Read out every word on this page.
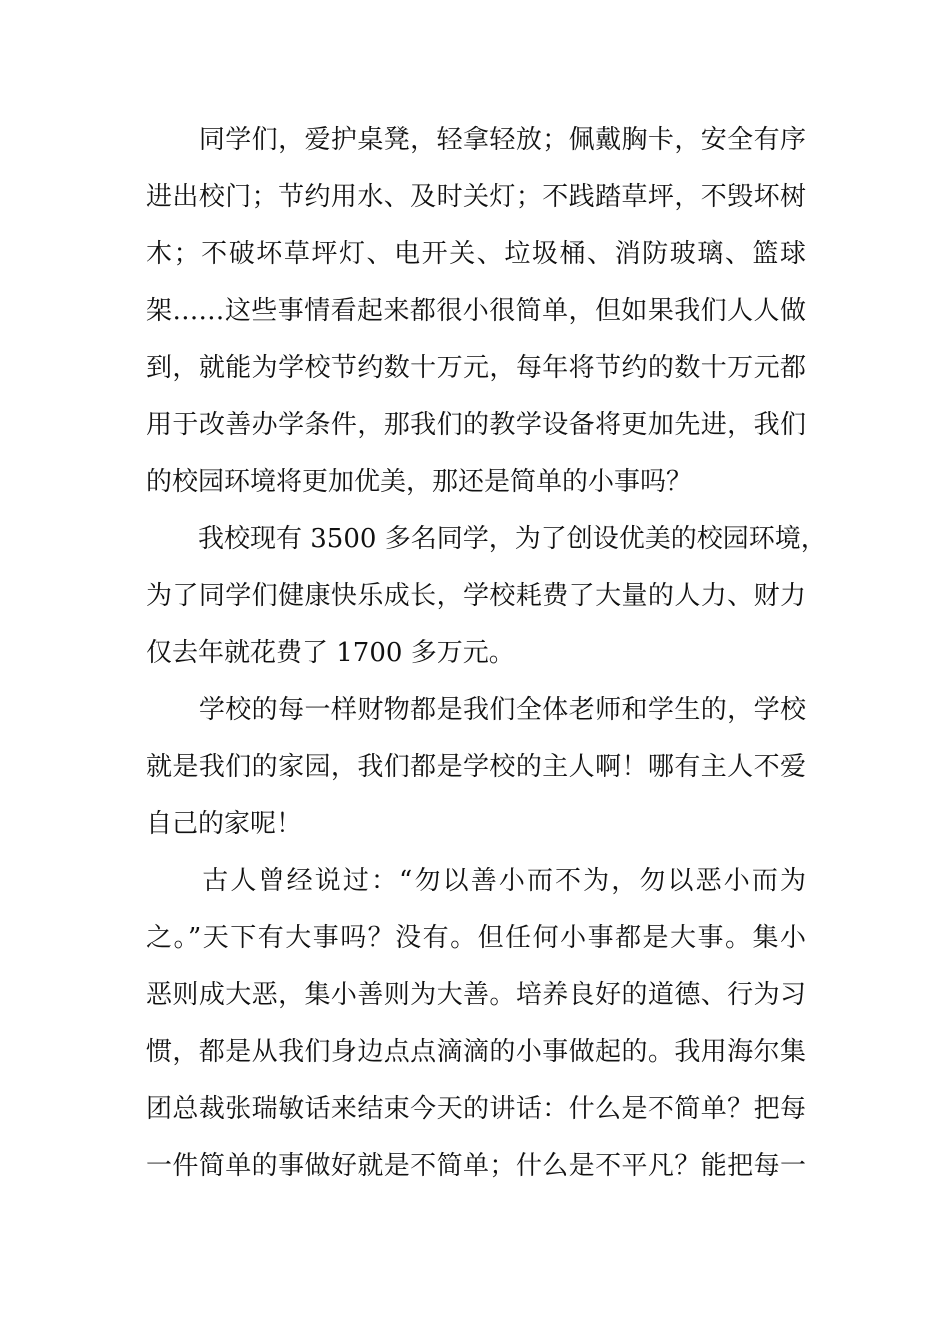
　　同学们，爱护桌凳，轻拿轻放；佩戴胸卡，安全有序
进出校门；节约用水、及时关灯；不践踏草坪，不毁坏树
木；不破坏草坪灯、电开关、垃圾桶、消防玻璃、篮球
架……这些事情看起来都很小很简单，但如果我们人人做
到，就能为学校节约数十万元，每年将节约的数十万元都
用于改善办学条件，那我们的教学设备将更加先进，我们
的校园环境将更加优美，那还是简单的小事吗？
　　我校现有 3500 多名同学，为了创设优美的校园环境，
为了同学们健康快乐成长，学校耗费了大量的人力、财力
仅去年就花费了 1700 多万元。
　　学校的每一样财物都是我们全体老师和学生的，学校
就是我们的家园，我们都是学校的主人啊！哪有主人不爱
自己的家呢！
　　古人曾经说过：“勿以善小而不为，勿以恶小而为
之。”天下有大事吗？没有。但任何小事都是大事。集小
恶则成大恶，集小善则为大善。培养良好的道德、行为习
惯，都是从我们身边点点滴滴的小事做起的。我用海尔集
团总裁张瑞敏话来结束今天的讲话：什么是不简单？把每
一件简单的事做好就是不简单；什么是不平凡？能把每一
